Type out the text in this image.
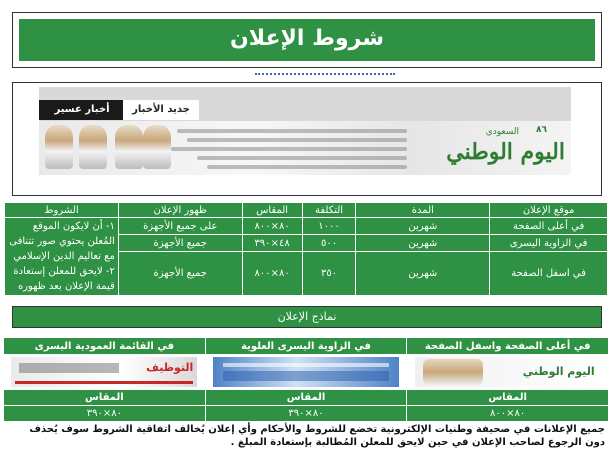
شروط الإعلان
جديد الأخبار
أخبار عسير
٨٦
السعودي
اليوم الوطني
موقع الإعلان	المدة	التكلفة	المقاس	ظهور الإعلان	الشروط
في أعلى الصفحة	شهرين	١٠٠٠	٨٠×٨٠٠	على جميع الأجهزة	١- أن لايكون الموقع المُعلن يحتوي صور تتنافى مع تعاليم الدين الإسلامي ٢- لايحق للمعلن إستعادة قيمة الإعلان بعد ظهوره
في الزاوية اليسرى	شهرين	٥٠٠	٤٨×٣٩٠	جميع الأجهزة	
في اسفل الصفحة	شهرين	٣٥٠	٨٠×٨٠٠	جميع الأجهزة	
نماذج الإعلان
في أعلى الصفحة واسفل الصفحة	في الزاوية اليسرى العلوية	في القائمة العمودية اليسرى

اليوم الوطني		التوظيف

المقاس	المقاس	المقاس
٨٠×٨٠٠	٨٠×٣٩٠	٨٠×٣٩٠
جميع الإعلانات في صحيفة وطنيات الإلكترونية تخضع للشروط والأحكام وأي إعلان يُخالف اتفاقية الشروط سوف يُحذف دون الرجوع لصاحب الإعلان في حين لايحق للمعلن المُطالبة بإستعادة المبلغ .
